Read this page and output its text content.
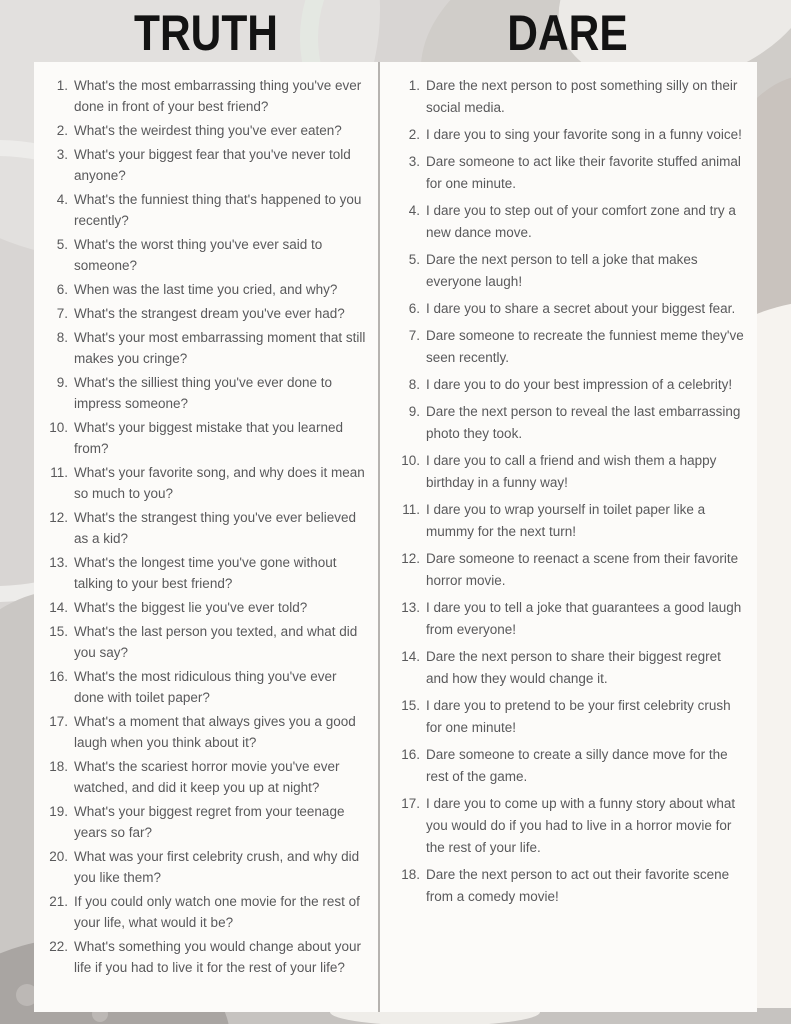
TRUTH	DARE
1. What's the most embarrassing thing you've ever done in front of your best friend?
2. What's the weirdest thing you've ever eaten?
3. What's your biggest fear that you've never told anyone?
4. What's the funniest thing that's happened to you recently?
5. What's the worst thing you've ever said to someone?
6. When was the last time you cried, and why?
7. What's the strangest dream you've ever had?
8. What's your most embarrassing moment that still makes you cringe?
9. What's the silliest thing you've ever done to impress someone?
10. What's your biggest mistake that you learned from?
11. What's your favorite song, and why does it mean so much to you?
12. What's the strangest thing you've ever believed as a kid?
13. What's the longest time you've gone without talking to your best friend?
14. What's the biggest lie you've ever told?
15. What's the last person you texted, and what did you say?
16. What's the most ridiculous thing you've ever done with toilet paper?
17. What's a moment that always gives you a good laugh when you think about it?
18. What's the scariest horror movie you've ever watched, and did it keep you up at night?
19. What's your biggest regret from your teenage years so far?
20. What was your first celebrity crush, and why did you like them?
21. If you could only watch one movie for the rest of your life, what would it be?
22. What's something you would change about your life if you had to live it for the rest of your life?
1. Dare the next person to post something silly on their social media.
2. I dare you to sing your favorite song in a funny voice!
3. Dare someone to act like their favorite stuffed animal for one minute.
4. I dare you to step out of your comfort zone and try a new dance move.
5. Dare the next person to tell a joke that makes everyone laugh!
6. I dare you to share a secret about your biggest fear.
7. Dare someone to recreate the funniest meme they've seen recently.
8. I dare you to do your best impression of a celebrity!
9. Dare the next person to reveal the last embarrassing photo they took.
10. I dare you to call a friend and wish them a happy birthday in a funny way!
11. I dare you to wrap yourself in toilet paper like a mummy for the next turn!
12. Dare someone to reenact a scene from their favorite horror movie.
13. I dare you to tell a joke that guarantees a good laugh from everyone!
14. Dare the next person to share their biggest regret and how they would change it.
15. I dare you to pretend to be your first celebrity crush for one minute!
16. Dare someone to create a silly dance move for the rest of the game.
17. I dare you to come up with a funny story about what you would do if you had to live in a horror movie for the rest of your life.
18. Dare the next person to act out their favorite scene from a comedy movie!
